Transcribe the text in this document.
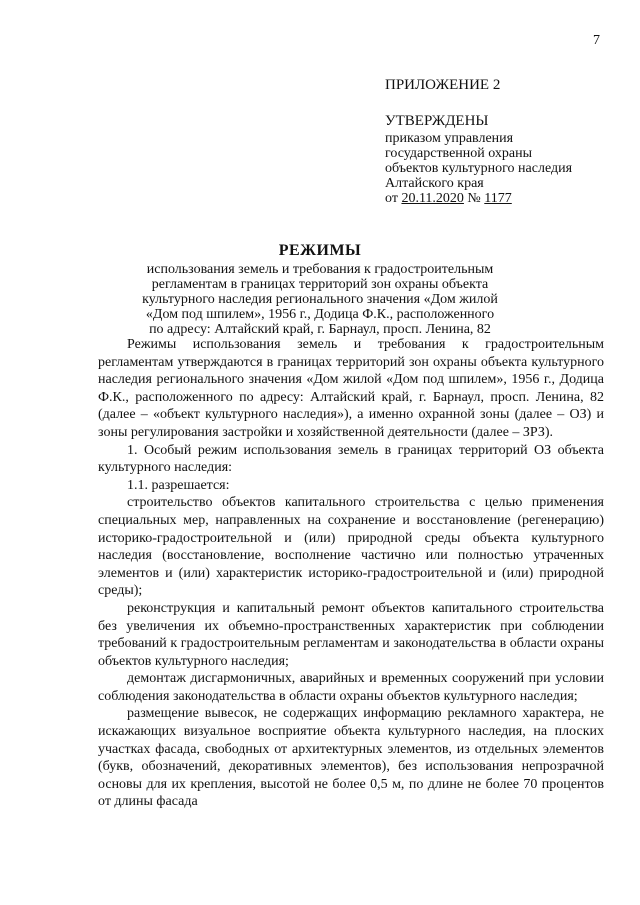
7
ПРИЛОЖЕНИЕ 2
УТВЕРЖДЕНЫ
приказом управления
государственной охраны
объектов культурного наследия
Алтайского края
от 20.11.2020 № 1177
РЕЖИМЫ
использования земель и требования к градостроительным
регламентам в границах территорий зон охраны объекта
культурного наследия регионального значения «Дом жилой
«Дом под шпилем», 1956 г., Додица Ф.К., расположенного
по адресу: Алтайский край, г. Барнаул, просп. Ленина, 82

Режимы использования земель и требования к градостроительным регламентам утверждаются в границах территорий зон охраны объекта культурного наследия регионального значения «Дом жилой «Дом под шпилем», 1956 г., Додица Ф.К., расположенного по адресу: Алтайский край, г. Барнаул, просп. Ленина, 82 (далее – «объект культурного наследия»), а именно охранной зоны (далее – ОЗ) и зоны регулирования застройки и хозяйственной деятельности (далее – ЗРЗ).

1. Особый режим использования земель в границах территорий ОЗ объекта культурного наследия:

1.1. разрешается:

строительство объектов капитального строительства с целью применения специальных мер, направленных на сохранение и восстановление (регенерацию) историко-градостроительной и (или) природной среды объекта культурного наследия (восстановление, восполнение частично или полностью утраченных элементов и (или) характеристик историко-градостроительной и (или) природной среды);

реконструкция и капитальный ремонт объектов капитального строительства без увеличения их объемно-пространственных характеристик при соблюдении требований к градостроительным регламентам и законодательства в области охраны объектов культурного наследия;

демонтаж дисгармоничных, аварийных и временных сооружений при условии соблюдения законодательства в области охраны объектов культурного наследия;

размещение вывесок, не содержащих информацию рекламного характера, не искажающих визуальное восприятие объекта культурного наследия, на плоских участках фасада, свободных от архитектурных элементов, из отдельных элементов (букв, обозначений, декоративных элементов), без использования непрозрачной основы для их крепления, высотой не более 0,5 м, по длине не более 70 процентов от длины фасада
